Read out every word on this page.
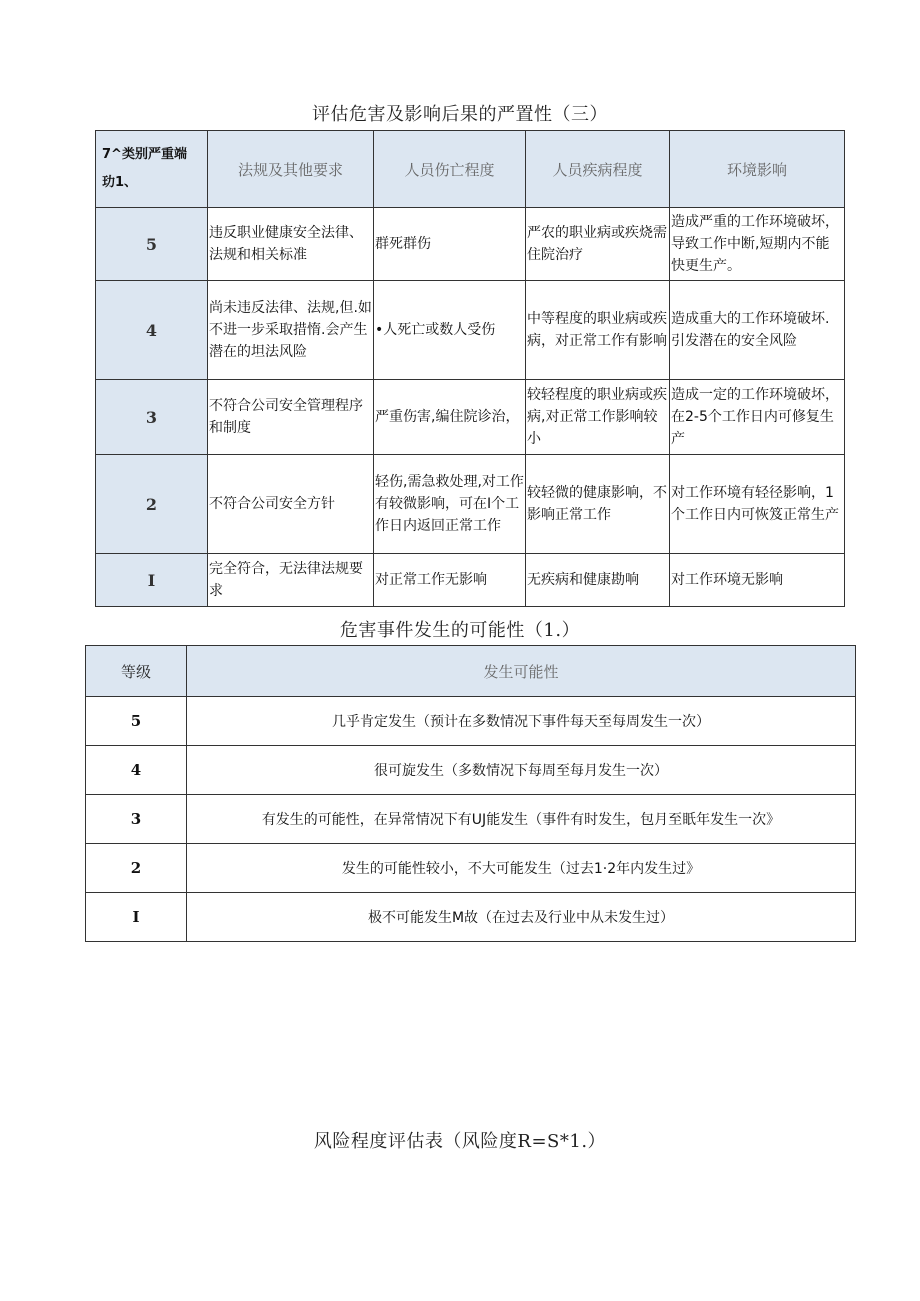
评估危害及影响后果的严置性（三）
7^类别严重端
玏1、	法规及其他要求	人员伤亡程度	人员疾病程度	环境影响
5	违反职业健康安全法律、法规和相关标准	群死群伤	严农的职业病或疾烧需住院治疗	造成严重的工作环境破坏，导致工作中断,短期内不能快更生产。
4	尚未违反法律、法规,但.如不进一步采取措惰.会产生潜在的坦法风险	•人死亡或数人受伤	中等程度的职业病或疾病，对正常工作有影响	造成重大的工作环境破坏.引发潜在的安全风险
3	不符合公司安全管理程序和制度	严重伤害,编住院诊治，	较轻程度的职业病或疾病,对正常工作影响较小	造成一定的工作环境破坏，在2-5个工作日内可修复生产
2	不符合公司安全方针	轻伤,需急救处理,对工作有较微影响，可在I个工作日内返回正常工作	较轻微的健康影响，不影响正常工作	对工作环境有轻径影响，1个工作日内可恢笈正常生产
I	完全符合，无法律法规要求	对正常工作无影响	无疾病和健康勘响	对工作环境无影响
危害事件发生的可能性（1.）
等级	发生可能性
5	几乎肯定发生（预计在多数情况下事件每天至每周发生一次）
4	很可旋发生（多数情况下每周至每月发生一次）
3	有发生的可能性，在异常情况下有UJ能发生（事件有时发生，包月至眂年发生一次》
2	发生的可能性较小，不大可能发生（过去1·2年内发生过》
I	极不可能发生M故（在过去及行业中从未发生过）
风险程度评估表（风险度R=S*1.）
